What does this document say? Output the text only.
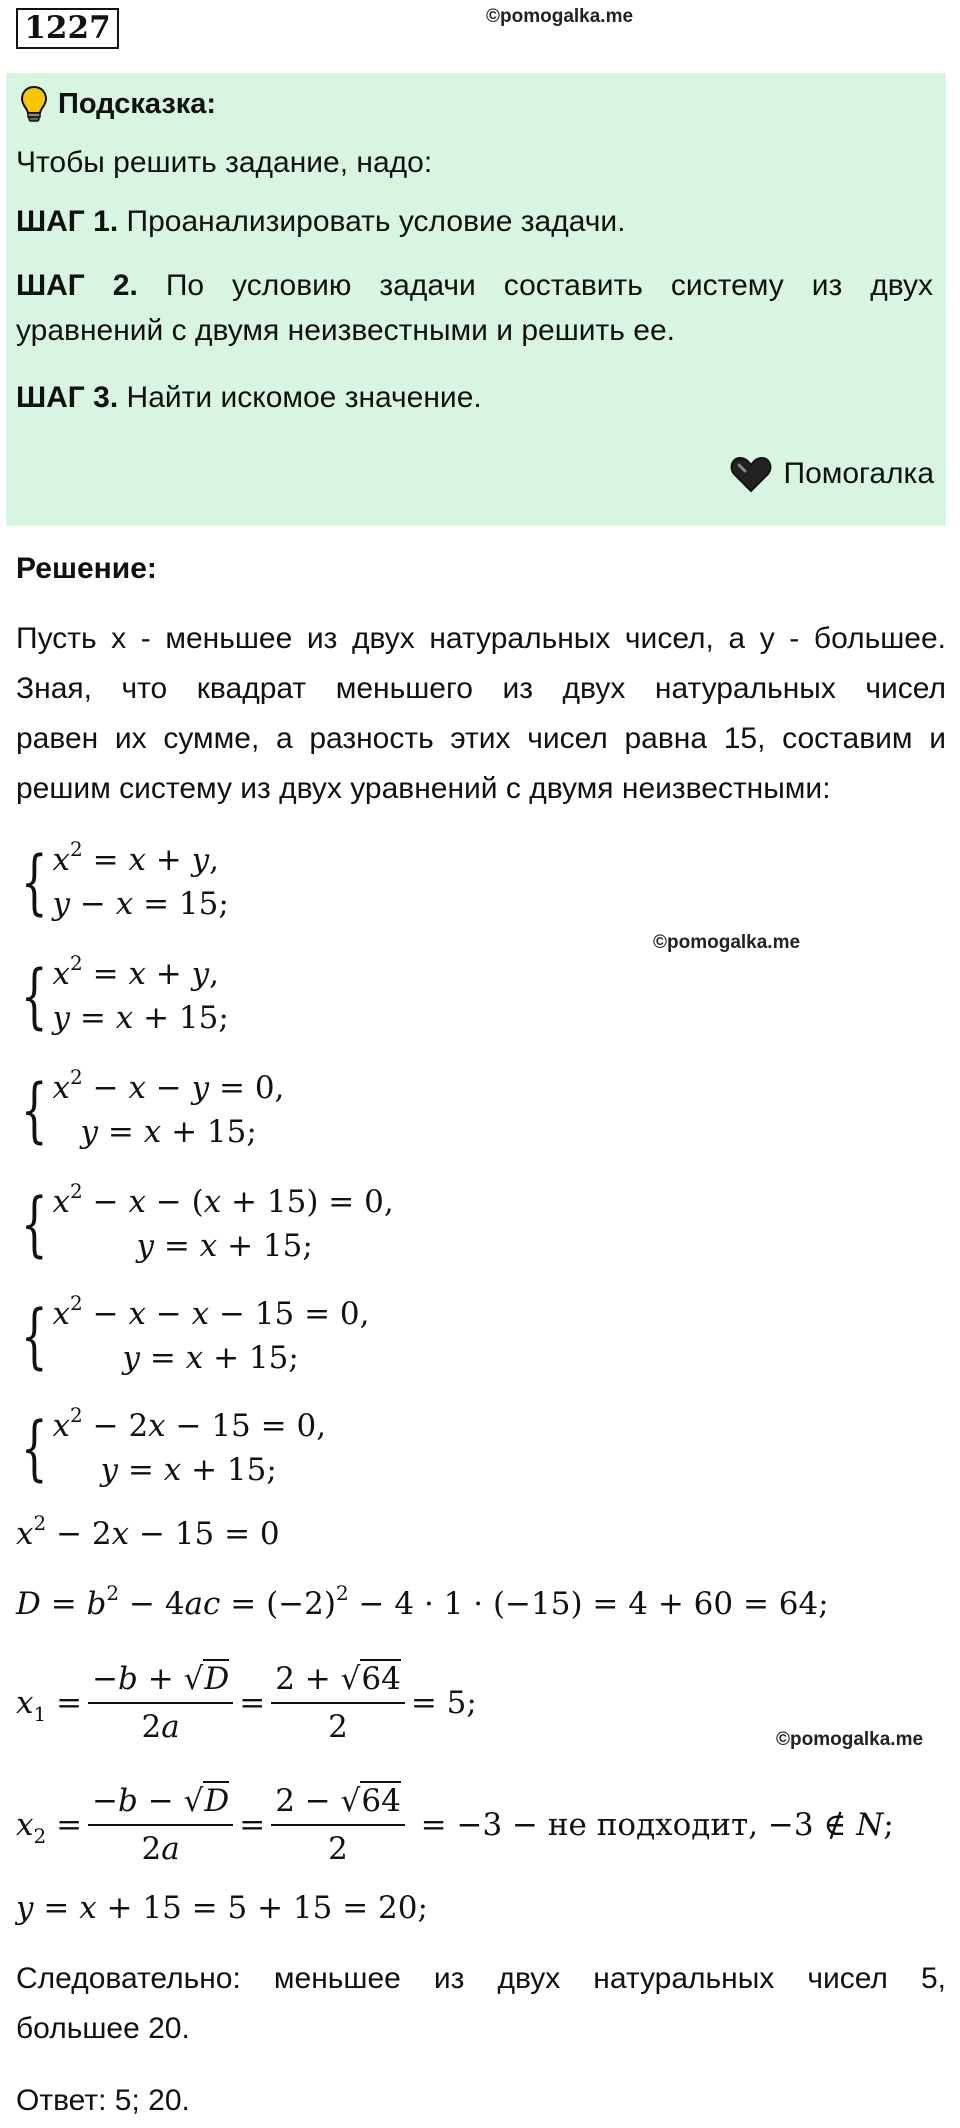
1227	©pomogalka.me
Подсказка:
Чтобы решить задание, надо:
ШАГ 1. Проанализировать условие задачи.
ШАГ 2. По условию задачи составить систему из двух
уравнений с двумя неизвестными и решить ее.
ШАГ 3. Найти искомое значение.
Помогалка
Решение:
Пусть x - меньшее из двух натуральных чисел, а y - большее.
Зная, что квадрат меньшего из двух натуральных чисел
равен их сумме, а разность этих чисел равна 15, составим и
решим систему из двух уравнений с двумя неизвестными:
©pomogalka.me
{ $x^2 = x + y$,
y − x = 15;
{ $x^2 = x + y$,
y = x + 15;
{ $x^2 - x - y = 0$,
y = x + 15;
{ $x^2 - x - (x + 15) = 0$,
y = x + 15;
{ $x^2 - x - x - 15 = 0$,
y = x + 15;
{ $x^2 - 2x - 15 = 0$,
y = x + 15;
$x^2 - 2x - 15 = 0$
$D = b^2 - 4ac = (-2)^2 - 4 \cdot 1 \cdot (-15) = 4 + 60 = 64$;
$x_1 = \frac{-b + √D}{2a} = \frac{2 + √64}{2} = 5$;
©pomogalka.me
$x_2 = \frac{-b - √D}{2a} = \frac{2 - √64}{2} = -3$ − не подходит , −3 ∉ N;
y = x + 15 = 5 + 15 = 20;
Следовательно: меньшее из двух натуральных чисел 5,
большее 20.
Ответ: 5; 20.
